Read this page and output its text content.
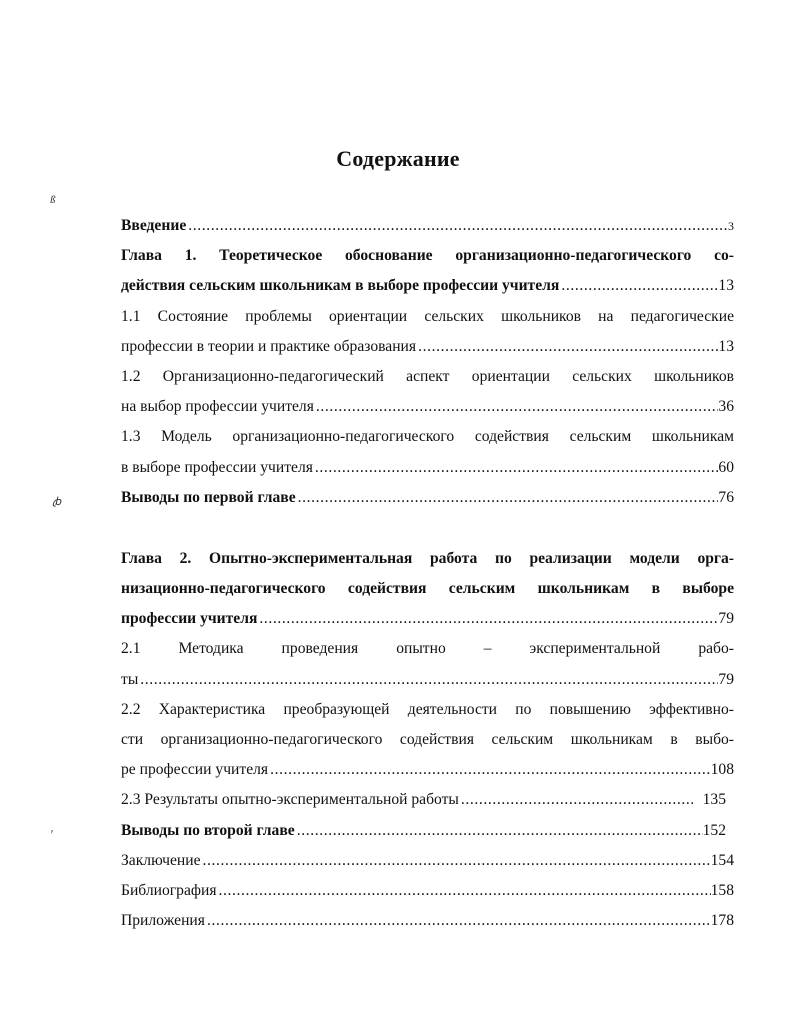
ß
ꞗ
ꞌ
Содержание
Введение .....	3
Глава 1. Теоретическое обоснование организационно-педагогического со-
действия сельским школьникам в выборе профессии учителя .....	13
1.1 Состояние проблемы ориентации сельских школьников на педагогические
профессии в теории и практике образования .....	13
1.2 Организационно-педагогический аспект ориентации сельских школьников
на выбор профессии учителя .....	36
1.3 Модель организационно-педагогического содействия сельским школьникам
в выборе профессии учителя .....	60
Выводы по первой главе .....	76
Глава 2. Опытно-экспериментальная работа по реализации модели орга-
низационно-педагогического содействия сельским школьникам в выборе
профессии учителя .....	79
2.1 Методика проведения опытно – экспериментальной рабо-
ты .....	79
2.2 Характеристика преобразующей деятельности по повышению эффективно-
сти организационно-педагогического содействия сельским школьникам в выбо-
ре профессии учителя .....	108
2.3 Результаты опытно-экспериментальной работы .....	135
Выводы по второй главе .....	152
Заключение .....	154
Библиография .....	158
Приложения .....	178
